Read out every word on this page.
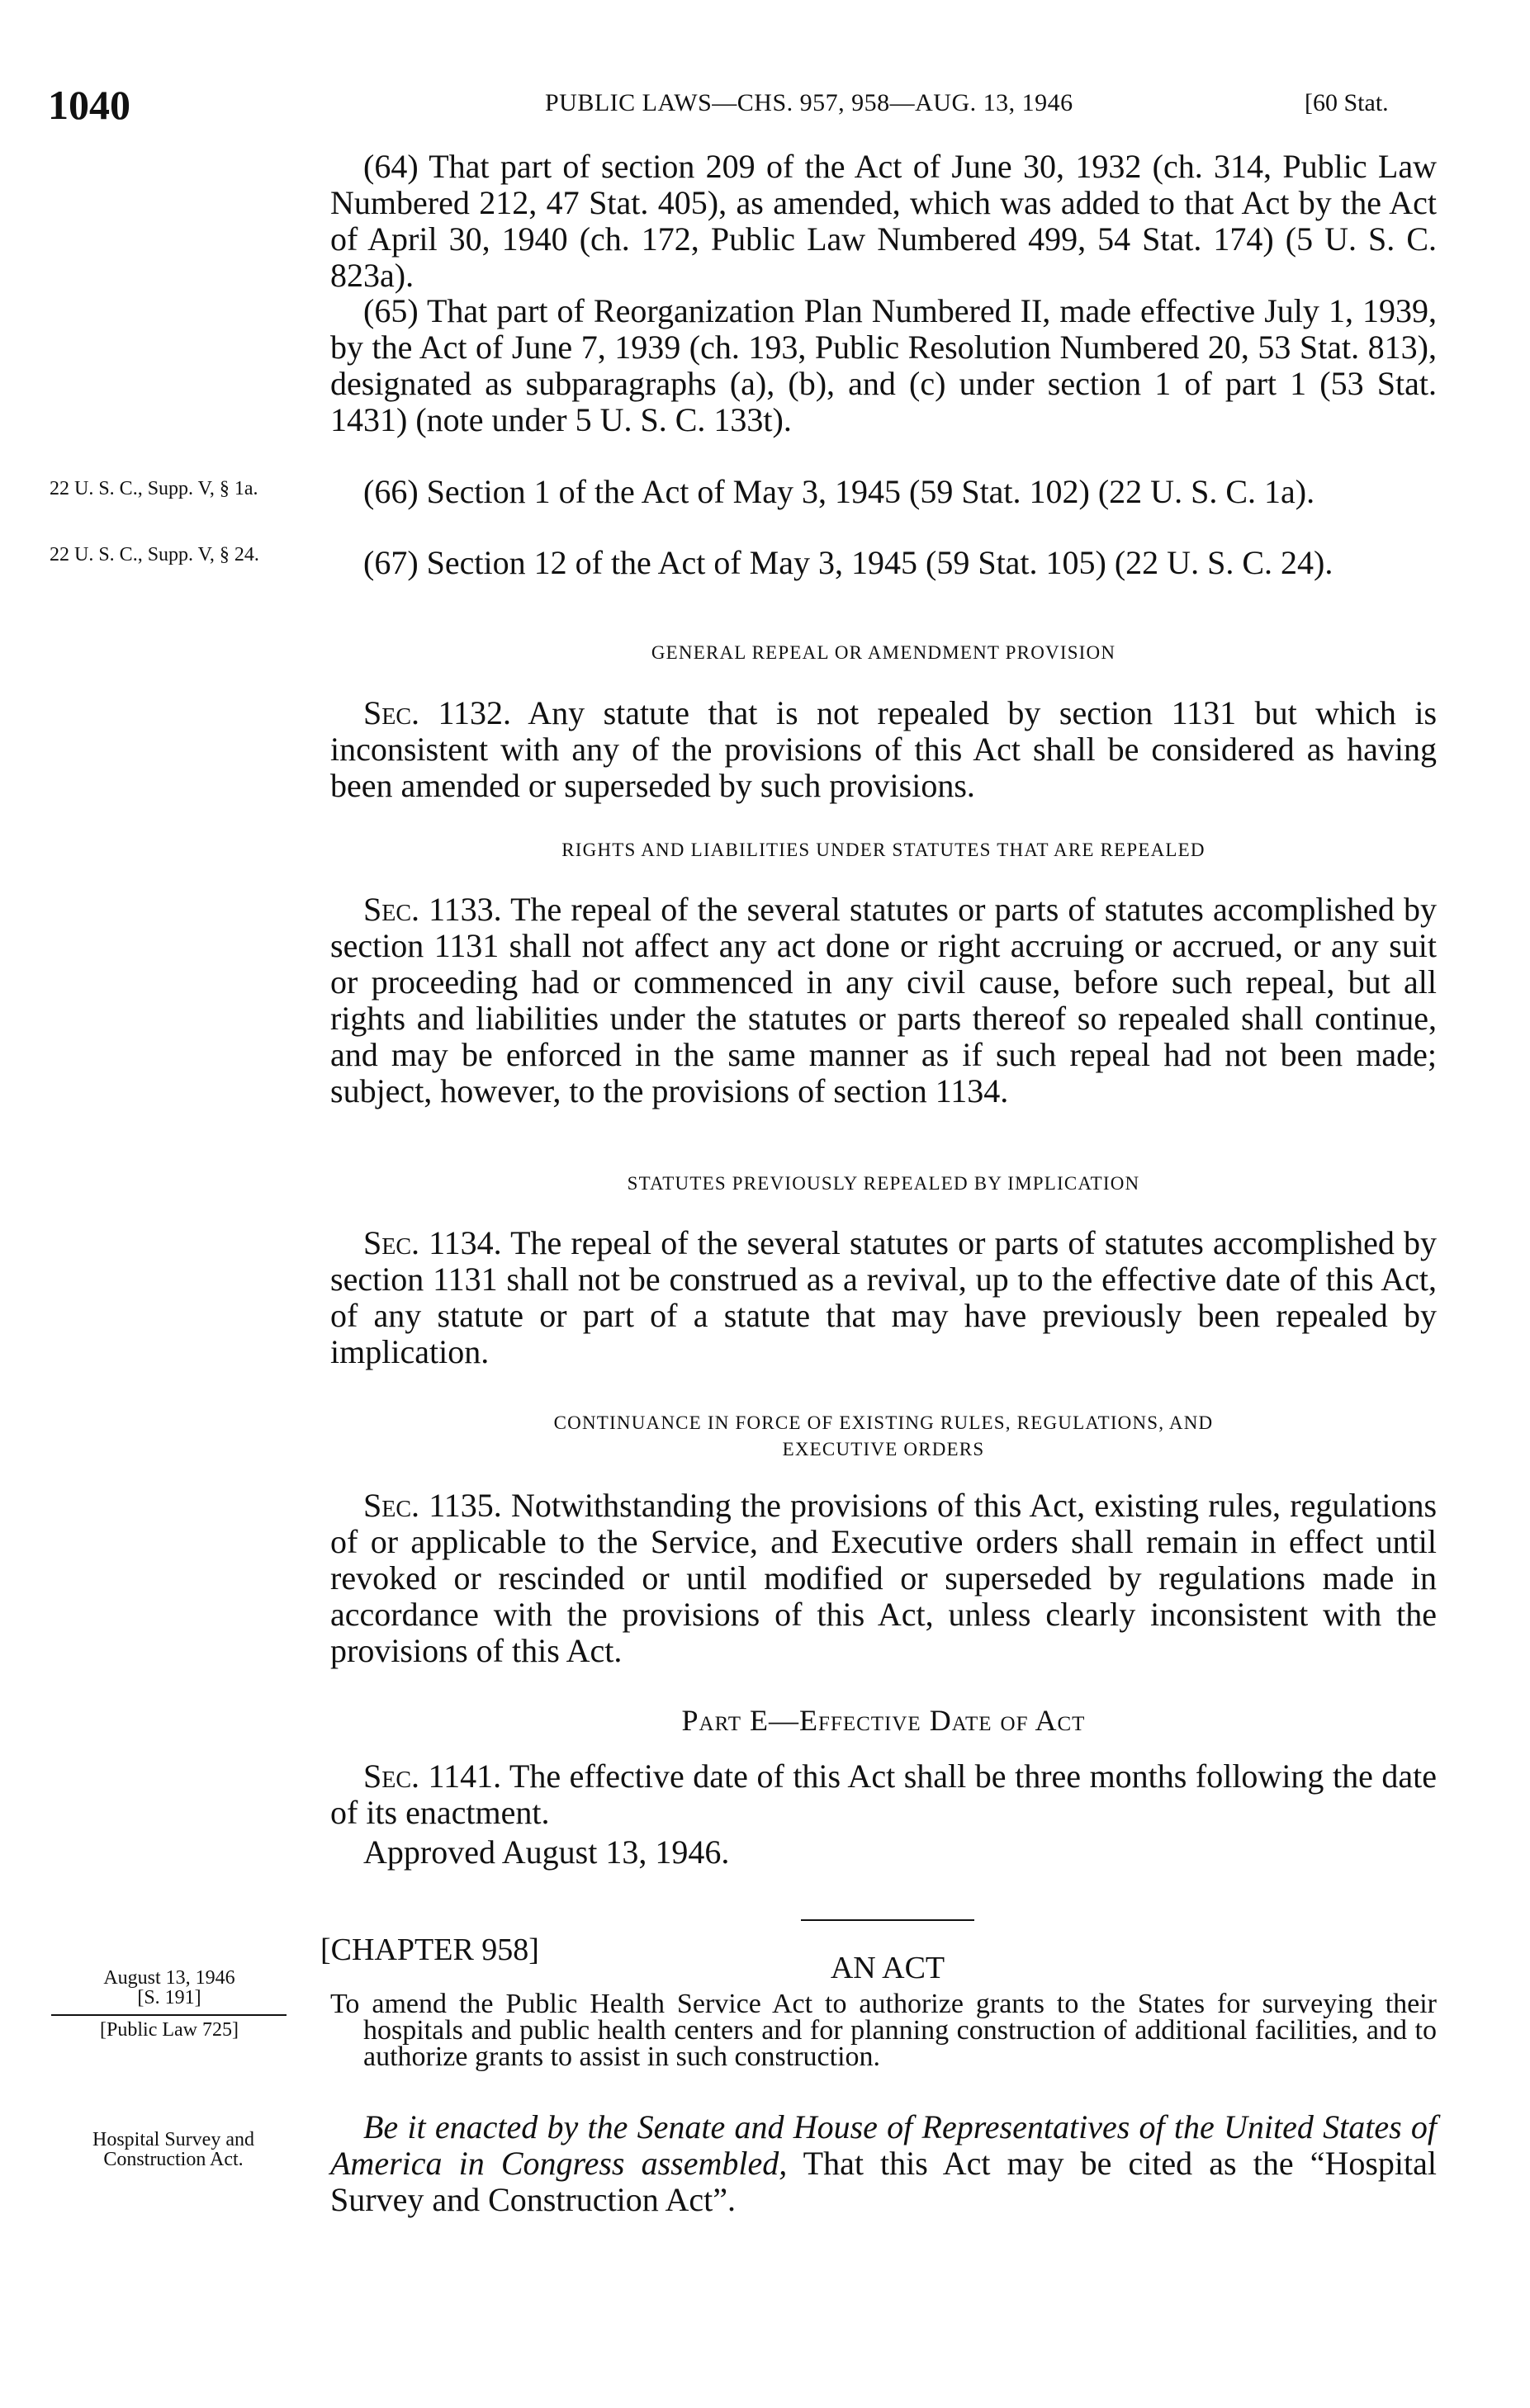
1040	PUBLIC LAWS—CHS. 957, 958—AUG. 13, 1946	[60 Stat.

(64) That part of section 209 of the Act of June 30, 1932 (ch. 314, Public Law Numbered 212, 47 Stat. 405), as amended, which was added to that Act by the Act of April 30, 1940 (ch. 172, Public Law Numbered 499, 54 Stat. 174) (5 U. S. C. 823a).

(65) That part of Reorganization Plan Numbered II, made effective July 1, 1939, by the Act of June 7, 1939 (ch. 193, Public Resolution Numbered 20, 53 Stat. 813), designated as subparagraphs (a), (b), and (c) under section 1 of part 1 (53 Stat. 1431) (note under 5 U. S. C. 133t).

(66) Section 1 of the Act of May 3, 1945 (59 Stat. 102) (22 U. S. C. 1a).

(67) Section 12 of the Act of May 3, 1945 (59 Stat. 105) (22 U. S. C. 24).

22 U. S. C., Supp. V, § 1a.
22 U. S. C., Supp. V, § 24.
GENERAL REPEAL OR AMENDMENT PROVISION

Sec. 1132. Any statute that is not repealed by section 1131 but which is inconsistent with any of the provisions of this Act shall be considered as having been amended or superseded by such provisions.

RIGHTS AND LIABILITIES UNDER STATUTES THAT ARE REPEALED

Sec. 1133. The repeal of the several statutes or parts of statutes accomplished by section 1131 shall not affect any act done or right accruing or accrued, or any suit or proceeding had or commenced in any civil cause, before such repeal, but all rights and liabilities under the statutes or parts thereof so repealed shall continue, and may be enforced in the same manner as if such repeal had not been made; subject, however, to the provisions of section 1134.

STATUTES PREVIOUSLY REPEALED BY IMPLICATION

Sec. 1134. The repeal of the several statutes or parts of statutes accomplished by section 1131 shall not be construed as a revival, up to the effective date of this Act, of any statute or part of a statute that may have previously been repealed by implication.

CONTINUANCE IN FORCE OF EXISTING RULES, REGULATIONS, AND
EXECUTIVE ORDERS

Sec. 1135. Notwithstanding the provisions of this Act, existing rules, regulations of or applicable to the Service, and Executive orders shall remain in effect until revoked or rescinded or until modified or superseded by regulations made in accordance with the provisions of this Act, unless clearly inconsistent with the provisions of this Act.

Part E—Effective Date of Act

Sec. 1141. The effective date of this Act shall be three months following the date of its enactment.

Approved August 13, 1946.

[CHAPTER 958]
AN ACT
August 13, 1946
[S. 191]
[Public Law 725]

To amend the Public Health Service Act to authorize grants to the States for surveying their hospitals and public health centers and for planning construction of additional facilities, and to authorize grants to assist in such construction.

Hospital Survey and Construction Act.

Be it enacted by the Senate and House of Representatives of the United States of America in Congress assembled, That this Act may be cited as the “Hospital Survey and Construction Act”.
